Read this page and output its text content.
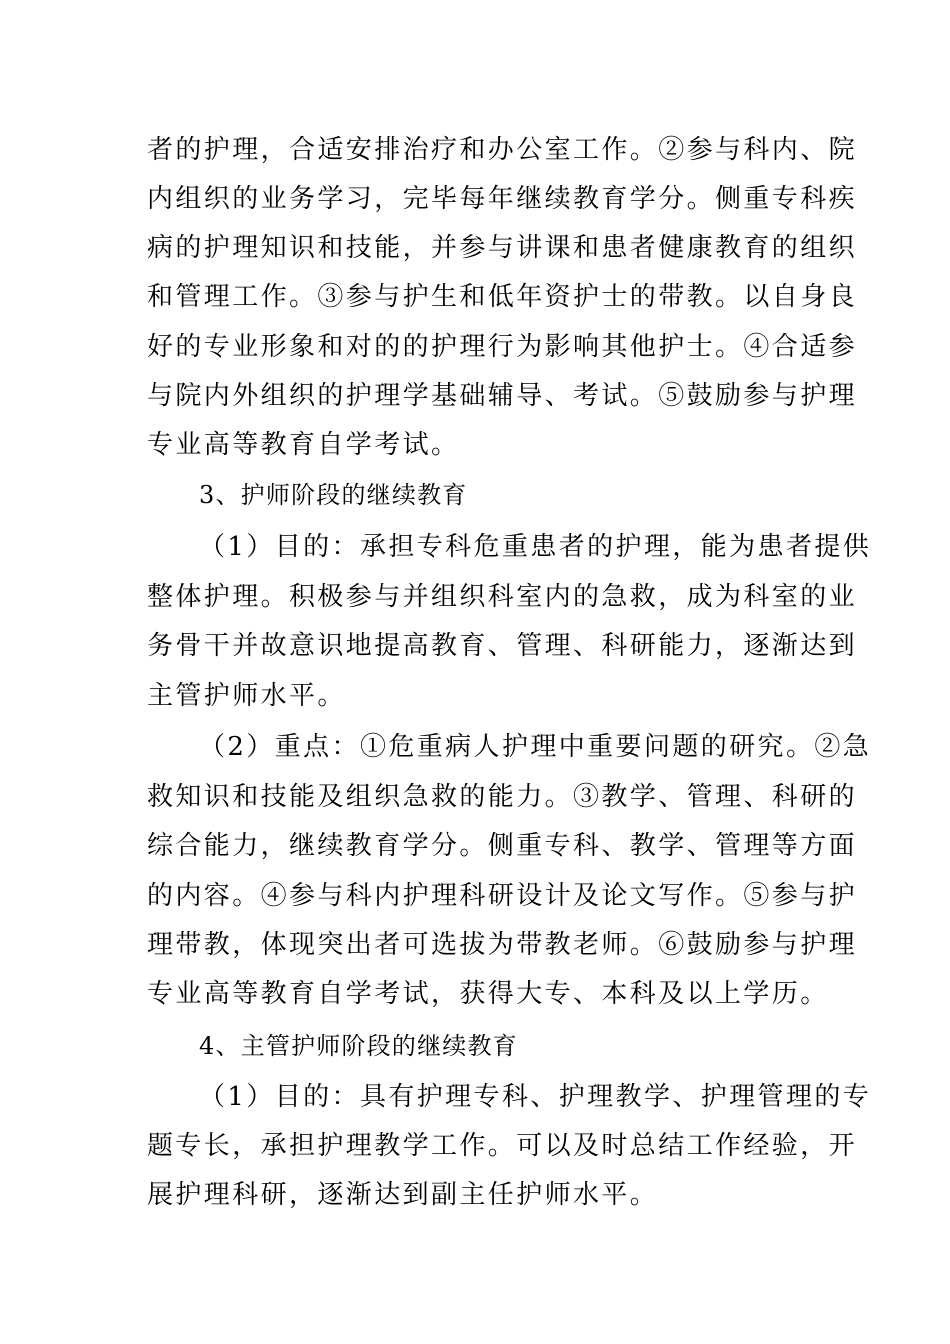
者的护理，合适安排治疗和办公室工作。②参与科内、院
内组织的业务学习，完毕每年继续教育学分。侧重专科疾
病的护理知识和技能，并参与讲课和患者健康教育的组织
和管理工作。③参与护生和低年资护士的带教。以自身良
好的专业形象和对的的护理行为影响其他护士。④合适参
与院内外组织的护理学基础辅导、考试。⑤鼓励参与护理
专业高等教育自学考试。
3、护师阶段的继续教育
（1）目的：承担专科危重患者的护理，能为患者提供
整体护理。积极参与并组织科室内的急救，成为科室的业
务骨干并故意识地提高教育、管理、科研能力，逐渐达到
主管护师水平。
（2）重点：①危重病人护理中重要问题的研究。②急
救知识和技能及组织急救的能力。③教学、管理、科研的
综合能力，继续教育学分。侧重专科、教学、管理等方面
的内容。④参与科内护理科研设计及论文写作。⑤参与护
理带教，体现突出者可选拔为带教老师。⑥鼓励参与护理
专业高等教育自学考试，获得大专、本科及以上学历。
4、主管护师阶段的继续教育
（1）目的：具有护理专科、护理教学、护理管理的专
题专长，承担护理教学工作。可以及时总结工作经验，开
展护理科研，逐渐达到副主任护师水平。
